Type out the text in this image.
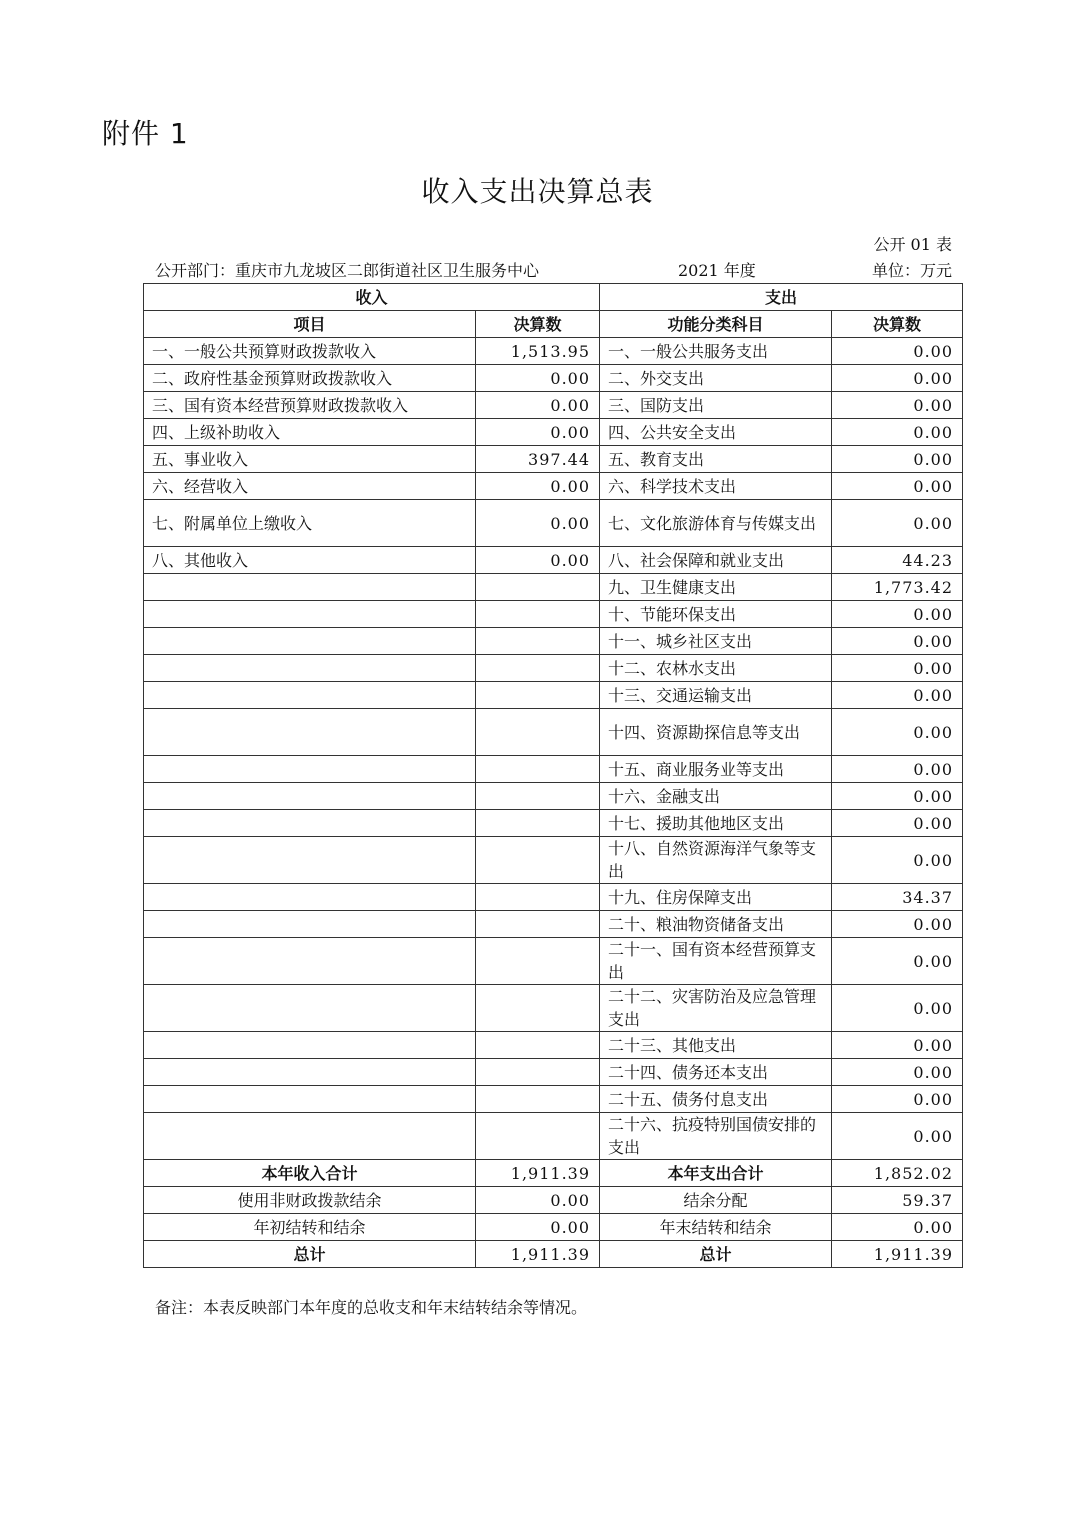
附件 1
收入支出决算总表
公开 01 表
公开部门：重庆市九龙坡区二郎街道社区卫生服务中心	2021 年度	单位：万元
收入		支出	
项目	决算数	功能分类科目	决算数
一、一般公共预算财政拨款收入	1,513.95	一、一般公共服务支出	0.00
二、政府性基金预算财政拨款收入	0.00	二、外交支出	0.00
三、国有资本经营预算财政拨款收入	0.00	三、国防支出	0.00
四、上级补助收入	0.00	四、公共安全支出	0.00
五、事业收入	397.44	五、教育支出	0.00
六、经营收入	0.00	六、科学技术支出	0.00
七、附属单位上缴收入	0.00	七、文化旅游体育与传媒支出	0.00
八、其他收入	0.00	八、社会保障和就业支出	44.23
		九、卫生健康支出	1,773.42
		十、节能环保支出	0.00
		十一、城乡社区支出	0.00
		十二、农林水支出	0.00
		十三、交通运输支出	0.00
		十四、资源勘探信息等支出	0.00
		十五、商业服务业等支出	0.00
		十六、金融支出	0.00
		十七、援助其他地区支出	0.00
		十八、自然资源海洋气象等支出	0.00
		十九、住房保障支出	34.37
		二十、粮油物资储备支出	0.00
		二十一、国有资本经营预算支出	0.00
		二十二、灾害防治及应急管理支出	0.00
		二十三、其他支出	0.00
		二十四、债务还本支出	0.00
		二十五、债务付息支出	0.00
		二十六、抗疫特别国债安排的支出	0.00
本年收入合计	1,911.39	本年支出合计	1,852.02
使用非财政拨款结余	0.00	结余分配	59.37
年初结转和结余	0.00	年末结转和结余	0.00
总计	1,911.39	总计	1,911.39
备注：本表反映部门本年度的总收支和年末结转结余等情况。
